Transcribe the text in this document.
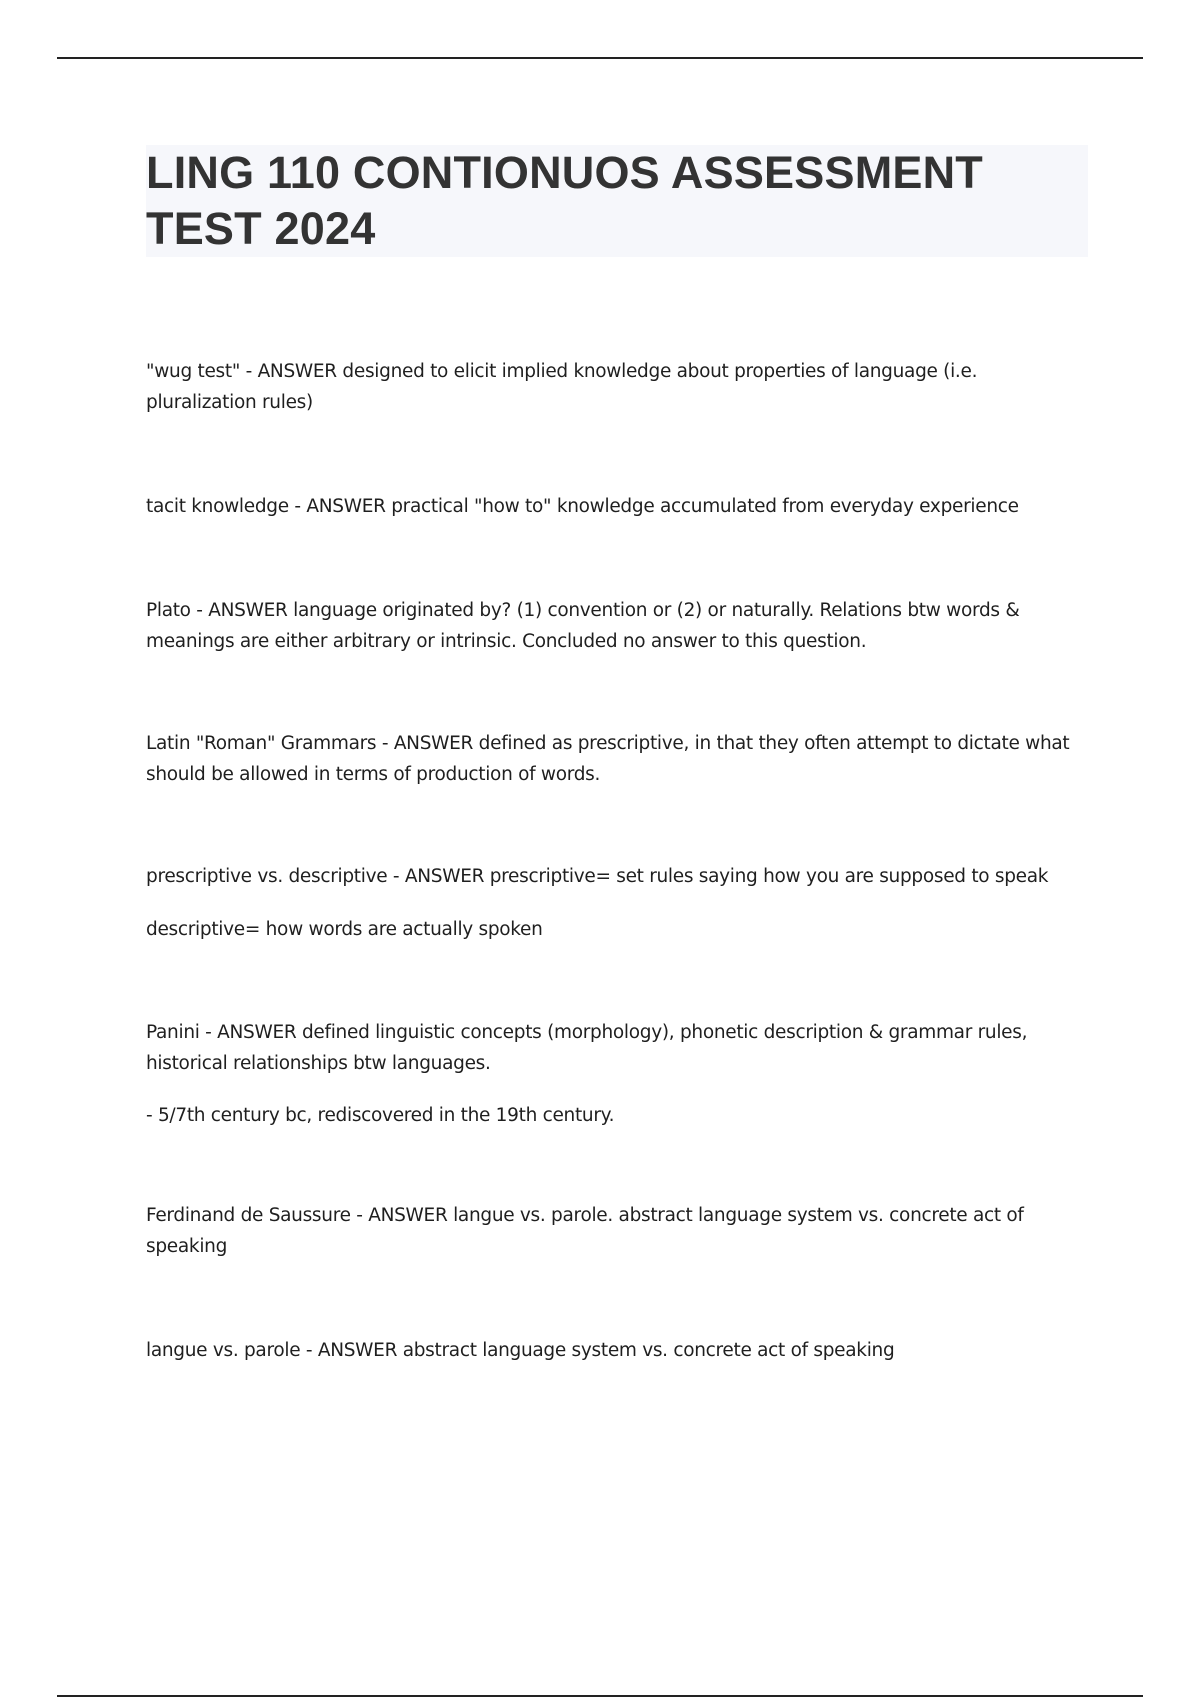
LING 110 CONTIONUOS ASSESSMENT TEST 2024

"wug test" - ANSWER designed to elicit implied knowledge about properties of language (i.e. pluralization rules)

tacit knowledge - ANSWER practical "how to" knowledge accumulated from everyday experience

Plato - ANSWER language originated by? (1) convention or (2) or naturally. Relations btw words & meanings are either arbitrary or intrinsic. Concluded no answer to this question.

Latin "Roman" Grammars - ANSWER defined as prescriptive, in that they often attempt to dictate what should be allowed in terms of production of words.

prescriptive vs. descriptive - ANSWER prescriptive= set rules saying how you are supposed to speak

descriptive= how words are actually spoken

Panini - ANSWER defined linguistic concepts (morphology), phonetic description & grammar rules, historical relationships btw languages.

- 5/7th century bc, rediscovered in the 19th century.

Ferdinand de Saussure - ANSWER langue vs. parole. abstract language system vs. concrete act of speaking

langue vs. parole - ANSWER abstract language system vs. concrete act of speaking
